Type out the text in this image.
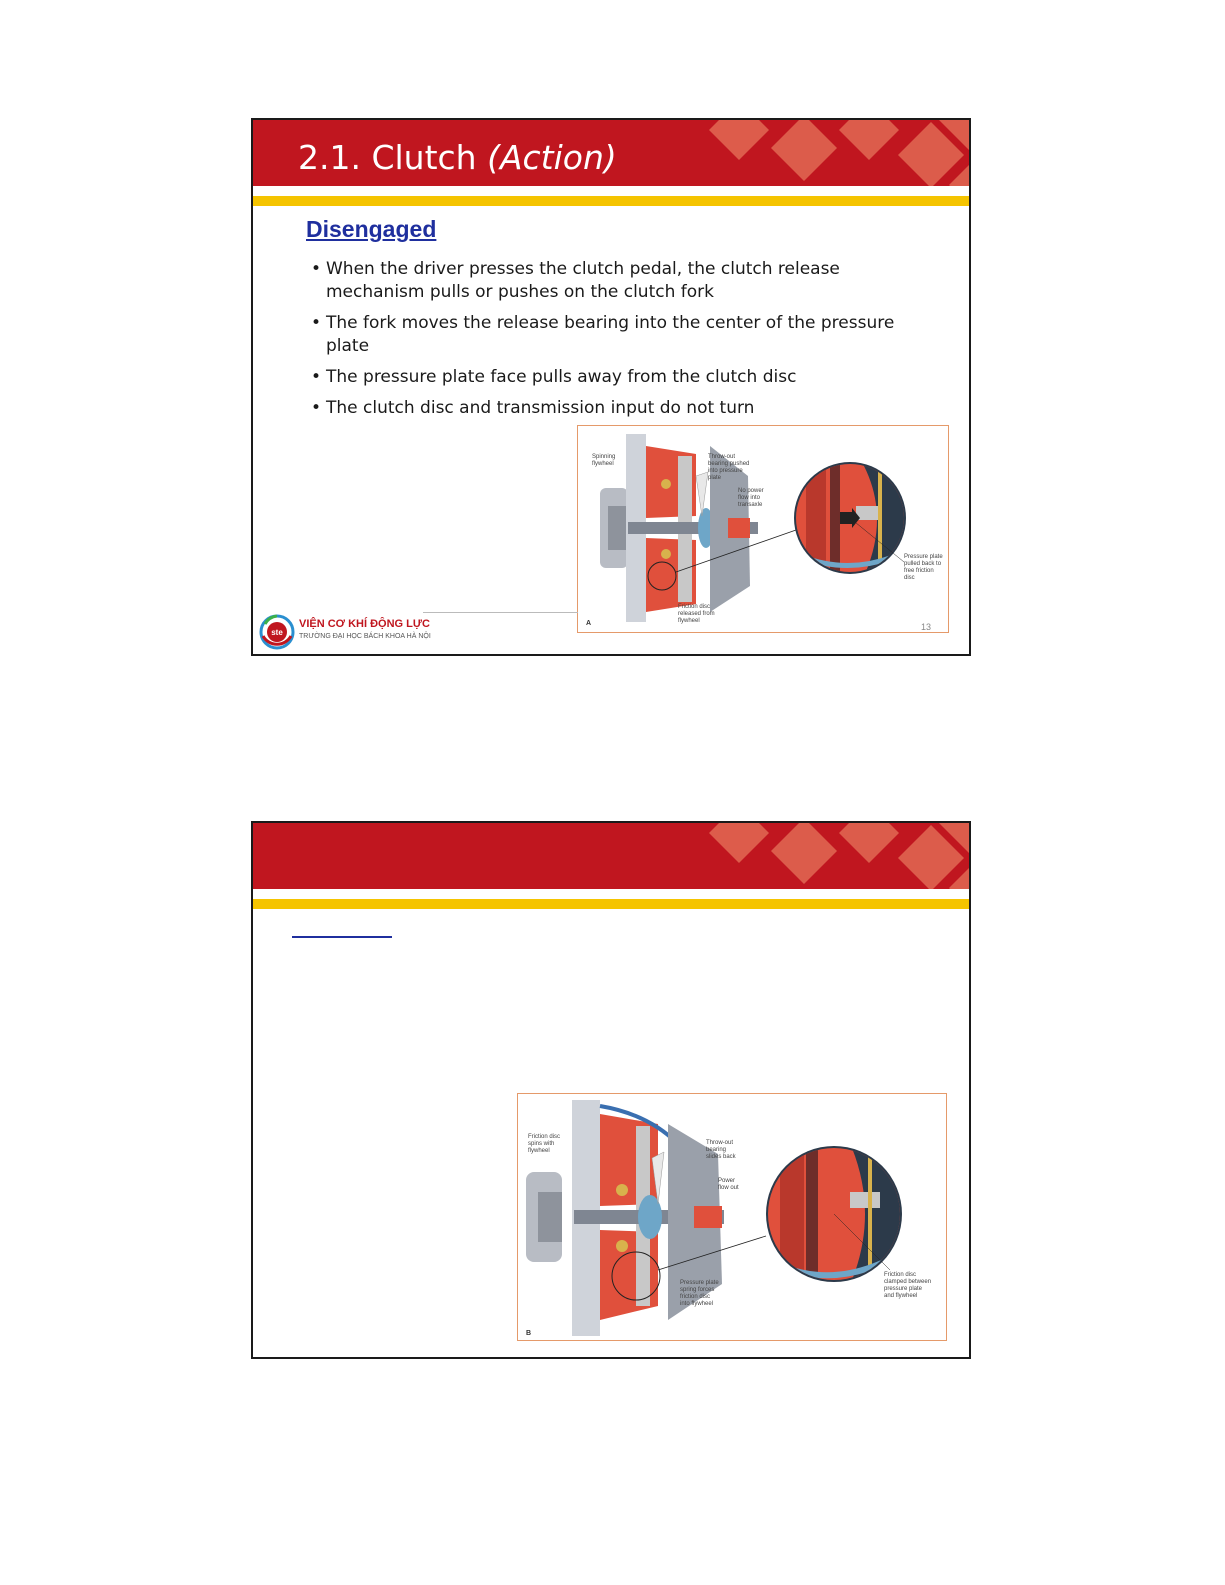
2.1. Clutch (Action)
Disengaged
• When the driver presses the clutch pedal, the clutch release mechanism pulls or pushes on the clutch fork
• The fork moves the release bearing into the center of the pressure plate
• The pressure plate face pulls away from the clutch disc
• The clutch disc and transmission input do not turn
Spinning
flywheel
Throw-out
bearing pushed
into pressure
plate
No power
flow into
transaxle
Pressure plate
pulled back to
free friction
disc
Friction disc
released from
flywheel
A
ste
VIỆN CƠ KHÍ ĐỘNG LỰC
TRƯỜNG ĐẠI HỌC BÁCH KHOA HÀ NỘI
13
Friction disc
spins with
flywheel
Throw-out
bearing
slides back
Power
flow out
Pressure plate
spring forces
friction disc
into flywheel
Friction disc
clamped between
pressure plate
and flywheel
B
